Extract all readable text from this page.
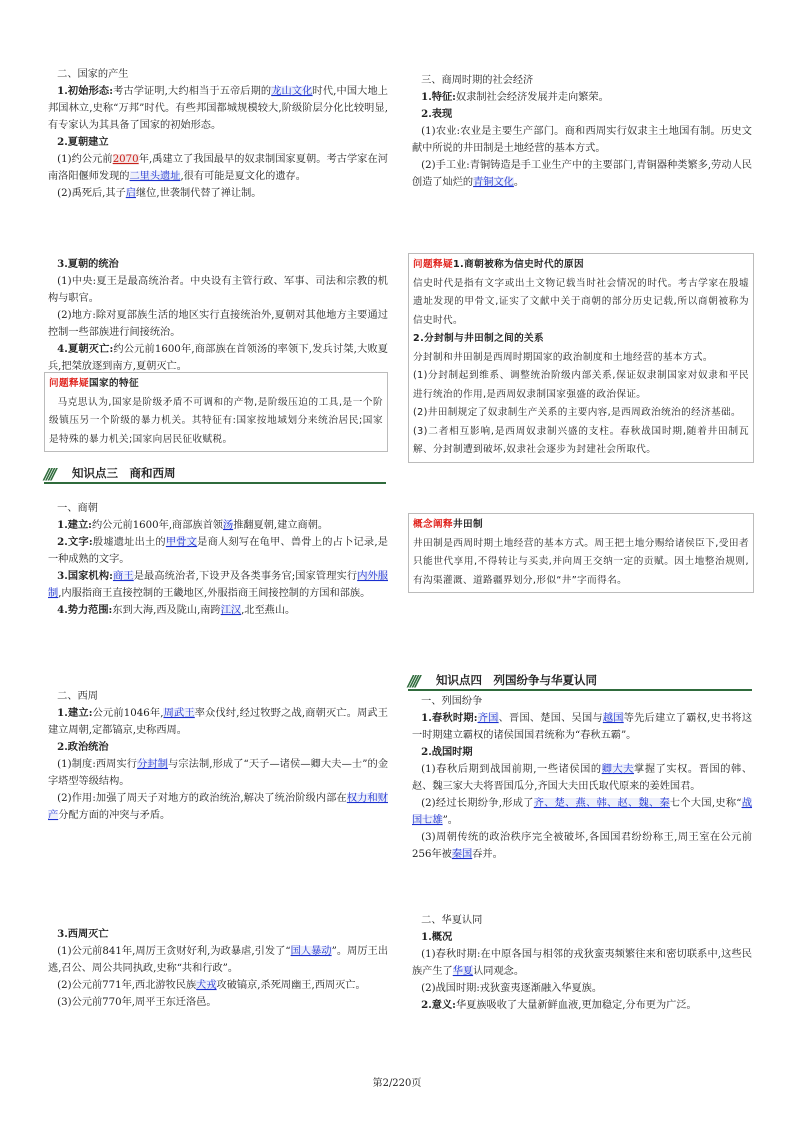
二、国家的产生

1.初始形态:考古学证明,大约相当于五帝后期的龙山文化时代,中国大地上邦国林立,史称“万邦”时代。有些邦国都城规模较大,阶级阶层分化比较明显,有专家认为其具备了国家的初始形态。

2.夏朝建立

(1)约公元前2070年,禹建立了我国最早的奴隶制国家夏朝。考古学家在河南洛阳偃师发现的二里头遗址,很有可能是夏文化的遗存。

(2)禹死后,其子启继位,世袭制代替了禅让制。

3.夏朝的统治

(1)中央:夏王是最高统治者。中央设有主管行政、军事、司法和宗教的机构与职官。

(2)地方:除对夏部族生活的地区实行直接统治外,夏朝对其他地方主要通过控制一些部族进行间接统治。

4.夏朝灭亡:约公元前1600年,商部族在首领汤的率领下,发兵讨桀,大败夏兵,把桀放逐到南方,夏朝灭亡。

问题释疑国家的特征

马克思认为,国家是阶级矛盾不可调和的产物,是阶级压迫的工具,是一个阶级镇压另一个阶级的暴力机关。其特征有:国家按地域划分来统治居民;国家是特殊的暴力机关;国家向居民征收赋税。

//// 知识点三　商和西周

一、商朝

1.建立:约公元前1600年,商部族首领汤推翻夏朝,建立商朝。

2.文字:殷墟遗址出土的甲骨文是商人刻写在龟甲、兽骨上的占卜记录,是一种成熟的文字。

3.国家机构:商王是最高统治者,下设尹及各类事务官;国家管理实行内外服制,内服指商王直接控制的王畿地区,外服指商王间接控制的方国和部族。

4.势力范围:东到大海,西及陇山,南跨江汉,北至燕山。

二、西周

1.建立:公元前1046年,周武王率众伐纣,经过牧野之战,商朝灭亡。周武王建立周朝,定都镐京,史称西周。

2.政治统治

(1)制度:西周实行分封制与宗法制,形成了“天子—诸侯—卿大夫—士”的金字塔型等级结构。

(2)作用:加强了周天子对地方的政治统治,解决了统治阶级内部在权力和财产分配方面的冲突与矛盾。

3.西周灭亡

(1)公元前841年,周厉王贪财好利,为政暴虐,引发了“国人暴动”。周厉王出逃,召公、周公共同执政,史称“共和行政”。

(2)公元前771年,西北游牧民族犬戎攻破镐京,杀死周幽王,西周灭亡。

(3)公元前770年,周平王东迁洛邑。

三、商周时期的社会经济

1.特征:奴隶制社会经济发展并走向繁荣。

2.表现

(1)农业:农业是主要生产部门。商和西周实行奴隶主土地国有制。历史文献中所说的井田制是土地经营的基本方式。

(2)手工业:青铜铸造是手工业生产中的主要部门,青铜器种类繁多,劳动人民创造了灿烂的青铜文化。

问题释疑1.商朝被称为信史时代的原因

信史时代是指有文字或出土文物记载当时社会情况的时代。考古学家在殷墟遗址发现的甲骨文,证实了文献中关于商朝的部分历史记载,所以商朝被称为信史时代。

2.分封制与井田制之间的关系

分封制和井田制是西周时期国家的政治制度和土地经营的基本方式。

(1)分封制起到维系、调整统治阶级内部关系,保证奴隶制国家对奴隶和平民进行统治的作用,是西周奴隶制国家强盛的政治保证。

(2)井田制规定了奴隶制生产关系的主要内容,是西周政治统治的经济基础。

(3)二者相互影响,是西周奴隶制兴盛的支柱。春秋战国时期,随着井田制瓦解、分封制遭到破坏,奴隶社会逐步为封建社会所取代。

概念阐释井田制

井田制是西周时期土地经营的基本方式。周王把土地分赐给诸侯臣下,受田者只能世代享用,不得转让与买卖,并向周王交纳一定的贡赋。因土地整治规则,有沟渠灌溉、道路疆界划分,形似“井”字而得名。

//// 知识点四　列国纷争与华夏认同

一、列国纷争

1.春秋时期:齐国、晋国、楚国、吴国与越国等先后建立了霸权,史书将这一时期建立霸权的诸侯国国君统称为“春秋五霸”。

2.战国时期

(1)春秋后期到战国前期,一些诸侯国的卿大夫掌握了实权。晋国的韩、赵、魏三家大夫将晋国瓜分,齐国大夫田氏取代原来的姜姓国君。

(2)经过长期纷争,形成了齐、楚、燕、韩、赵、魏、秦七个大国,史称“战国七雄”。

(3)周朝传统的政治秩序完全被破坏,各国国君纷纷称王,周王室在公元前256年被秦国吞并。

二、华夏认同

1.概况

(1)春秋时期:在中原各国与相邻的戎狄蛮夷频繁往来和密切联系中,这些民族产生了华夏认同观念。

(2)战国时期:戎狄蛮夷逐渐融入华夏族。

2.意义:华夏族吸收了大量新鲜血液,更加稳定,分布更为广泛。

第2/220页
